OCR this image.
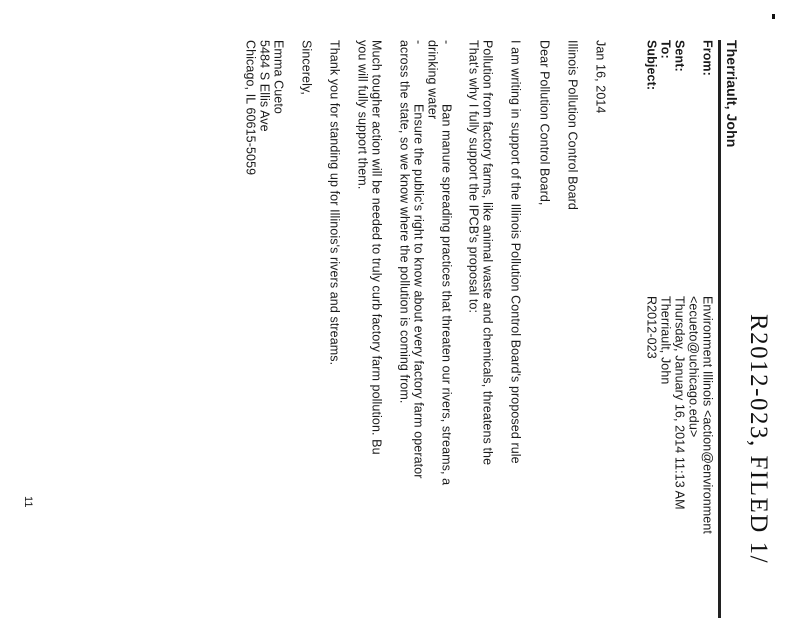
R2012-023, FILED 1/
Therriault, John
From:
Environment Illinois <action@environment
<ecueto@uchicago.edu>
Sent:
Thursday, January 16, 2014 11:13 AM
To:
Therriault, John
Subject:
R2012-023
Jan 16, 2014
Illinois Pollution Control Board
Dear Pollution Control Board,
I am writing in support of the Illinois Pollution Control Board's proposed rule
Pollution from factory farms, like animal waste and chemicals, threatens the
That's why I fully support the IPCB's proposal to:
-
Ban manure spreading practices that threaten our rivers, streams, a
drinking water
-
Ensure the public's right to know about every factory farm operator
across the state, so we know where the pollution is coming from.
Much tougher action will be needed to truly curb factory farm pollution. Bu
you will fully support them.
Thank you for standing up for Illinois's rivers and streams.
Sincerely,
Emma Cueto
5484 S Ellis Ave
Chicago, IL 60615-5059
11
